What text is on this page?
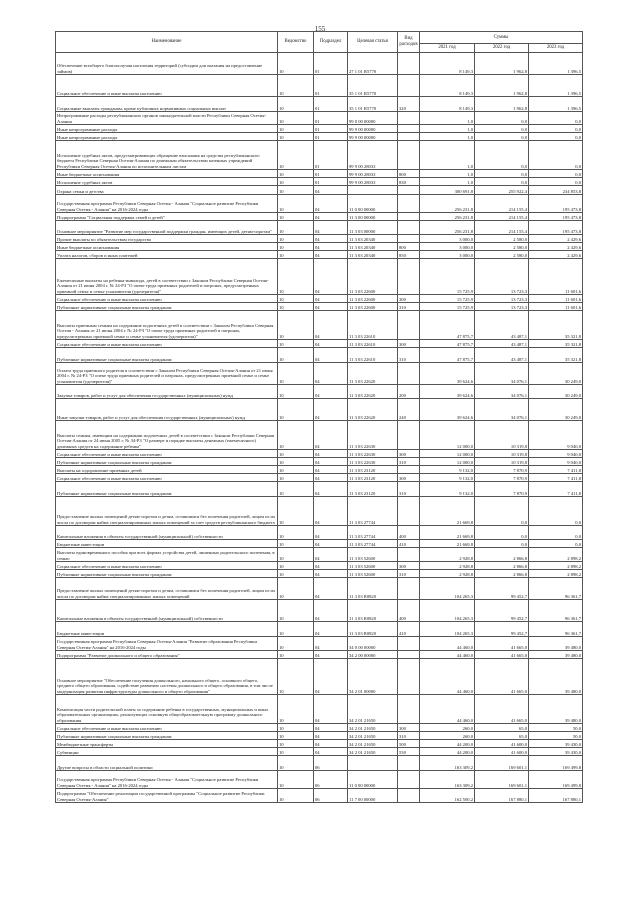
155
Наименование	Ведомство	Подраздел	Целевая статья	Вид расходов	Суммы		
					2021 год	2022 год	2023 год
Обеспечение всеобщего благополучия населения территорий (субсидии для оказания на предоставление займов)	10	01	27 1 01 R5770		8 149,3	1 962,8	1 396,5
Социальное обеспечение и иные выплаты населению	10	01	35 1 01 R5770		8 149,3	1 962,8	1 396,5
Социальные выплаты гражданам, кроме публичных нормативных социальных выплат	10	01	35 1 01 R5770	320	8 149,3	1 962,8	1 396,5
Непрограммные расходы республиканских органов законодательной власти Республики Северная Осетия-Алания	10	01	99 0 00 00000		1,0	0,0	0,0
Иные непрограммные расходы	10	01	99 9 00 00000		1,0	0,0	0,0
Иные непрограммные расходы	10	01	99 9 00 00000		1,0	0,0	0,0
Исполнение судебных актов, предусматривающих обращение взыскания на средства республиканского бюджета Республики Северная Осетия-Алания по денежным обязательствам казенных учреждений Республики Северная Осетия-Алания по исполнительным листам	10	01	99 9 00 28033		1,0	0,0	0,0
Иные бюджетные ассигнования	10	01	99 9 00 28033	800	1,0	0,0	0,0
Исполнение судебных актов	10	01	99 9 00 28033	830	1,0	0,0	0,0
Охрана семьи и детства	10	04			300 691,8	255 922,4	234 853,8
Государственная программа Республики Северная Осетия - Алания "Социальное развитие Республики Северная Осетия - Алания" на 2016-2024 годы	10	04	11 0 00 00000		256 231,8	214 155,4	195 473,8
Подпрограмма "Социальная поддержка семей и детей"	10	04	11 3 00 00000		256 231,8	214 155,4	195 473,8
Основное мероприятие "Развитие мер государственной поддержки граждан, имеющих детей, детям-сиротам"	10	04	11 3 03 00000		256 231,8	214 155,4	195 473,8
Прочие выплаты по обязательствам государства	10	04	11 3 03 20340		3 000,0	2 580,0	2 429,6
Иные бюджетные ассигнования	10	04	11 3 03 20340	800	3 000,0	2 580,0	2 429,6
Уплата налогов, сборов и иных платежей	10	04	11 3 03 20340	850	3 000,0	2 580,0	2 429,6
Ежемесячные выплаты на ребенка-инвалида, детей в соответствии с Законом Республики Северная Осетия-Алания от 21 июня 2004 г. № 24-РЗ "О опеке труда приемных родителей и патронах, предусмотренных приемной семье и семье усыновителя (удочерителя)"	10	04	11 3 03 22600		15 725,9	13 723,3	11 601,6
Социальное обеспечение и иные выплаты населению	10	04	11 3 03 22600	300	15 725,9	13 723,3	11 601,6
Публичные нормативные социальные выплаты гражданам	10	04	11 3 03 22600	310	15 725,9	13 723,3	11 601,6
Выплаты приемным семьям на содержание подопечных детей в соответствии с Законом Республики Северная Осетия - Алания от 21 июня 2004 г. № 24-РЗ "О опеке труда приемных родителей и патронах, предусмотренных приемной семье и семье усыновителя (удочерителя)"	10	04	11 3 03 22610		47 875,7	43 487,1	35 321,8
Социальное обеспечение и иные выплаты населению	10	04	11 3 03 22610	300	47 875,7	43 487,1	35 321,8
Публичные нормативные социальные выплаты гражданам	10	04	11 3 03 22610	310	47 875,7	43 487,1	35 321,8
Оплата труда приемного родителя в соответствии с Законом Республики Северная Осетия-Алания от 21 июня 2004 г. № 24-РЗ "О опеке труда приемных родителей и патронах, предусмотренных приемной семье и семье усыновителя (удочерителя)"	10	04	11 3 03 22620		39 624,6	34 076,1	30 249,0
Закупка товаров, работ и услуг для обеспечения государственных (муниципальных) нужд	10	04	11 3 03 22620	200	39 624,6	34 076,1	30 249,0
Иные закупки товаров, работ и услуг для обеспечения государственных (муниципальных) нужд	10	04	11 3 03 22620	240	39 624,6	34 076,1	30 249,0
Выплаты семьям, имеющим на содержании подопечных детей в соответствии с Законом Республики Северная Осетия-Алания от 24 июня 2005 г. № 34-РЗ "О размере и порядке выплаты денежных (ежемесячного) денежных средств на содержание ребенка"	10	04	11 3 03 22630		12 000,0	10 319,8	9 040,0
Социальное обеспечение и иные выплаты населению	10	04	11 3 03 22630	300	12 000,0	10 319,8	9 040,0
Публичные нормативные социальные выплаты гражданам	10	04	11 3 03 22630	310	12 000,0	10 319,8	9 040,0
Выплаты на оздоровление приемных детей	10	04	11 3 03 23120		9 132,0	7 870,9	7 411,8
Социальное обеспечение и иные выплаты населению	10	04	11 3 03 23120	300	9 132,0	7 870,9	7 411,8
Публичные нормативные социальные выплаты гражданам	10	04	11 3 03 23120	310	9 132,0	7 870,9	7 411,8
Предоставление жилых помещений детям-сиротам и детям, оставшимся без попечения родителей, лицам из их числа по договорам найма специализированных жилых помещений за счет средств республиканского бюджета	10	04	11 3 03 27744		21 669,8	0,0	0,0
Капитальные вложения в объекты государственной (муниципальной) собственности	10	04	11 3 03 27744	400	21 669,8	0,0	0,0
Бюджетные инвестиции	10	04	11 3 03 27744	410	21 669,8	0,0	0,0
Выплаты единовременного пособия при всех формах устройства детей, лишенных родительского попечения, в семью	10	04	11 3 03 52600		2 928,8	2 866,8	2 898,2
Социальное обеспечение и иные выплаты населению	10	04	11 3 03 52600	300	2 928,8	2 866,8	2 898,2
Публичные нормативные социальные выплаты гражданам	10	04	11 3 03 52600	310	2 928,8	2 866,8	2 898,2
Предоставление жилых помещений детям-сиротам и детям, оставшимся без попечения родителей, лицам из их числа по договорам найма специализированных жилых помещений	10	04	11 3 03 R0820		104 265,3	99 452,7	96 361,7
Капитальные вложения в объекты государственной (муниципальной) собственности	10	04	11 3 03 R0820	400	104 265,3	99 452,7	96 361,7
Бюджетные инвестиции	10	04	11 3 03 R0820	410	104 265,3	99 452,7	96 361,7
Государственная программа Республики Северная Осетия-Алания "Развитие образования Республики Северная Осетия-Алания" на 2016-2024 годы	10	04	34 0 00 00000		44 460,0	41 665,0	39 480,0
Подпрограмма "Развитие дошкольного и общего образования"	10	04	34 2 00 00000		44 460,0	41 665,0	39 480,0
Основное мероприятие "Обеспечение получения дошкольного, начального общего, основного общего, среднего общего образования, содействие развитию системы дошкольного и общего образования, в том числе модернизация развития инфраструктуры дошкольного и общего образования"	10	04	34 2 01 00000		44 460,0	41 665,0	39 480,0
Компенсация части родительской платы за содержание ребенка в государственных, муниципальных и иных образовательных организациях, реализующих основную общеобразовательную программу дошкольного образования	10	04	34 2 01 21650		44 460,0	41 665,0	39 480,0
Социальное обеспечение и иные выплаты населению	10	04	34 2 01 21650	300	260,0	65,0	50,0
Публичные нормативные социальные выплаты гражданам	10	04	34 2 01 21650	310	260,0	65,0	50,0
Межбюджетные трансферты	10	04	34 2 01 21650	500	44 200,0	41 600,0	39 430,0
Субвенции	10	04	34 2 01 21650	530	44 200,0	41 600,0	39 430,0
Другие вопросы в области социальной политики	10	06			163 309,2	169 601,1	169 499,8
Государственная программа Республики Северная Осетия - Алания "Социальное развитие Республики Северная Осетия - Алания" на 2016-2024 годы	10	06	11 0 00 00000		163 309,2	169 601,1	169 499,8
Подпрограмма "Обеспечение реализации государственной программы "Социальное развитие Республики Северная Осетия-Алания"	10	06	11 7 00 00000		162 500,2	167 880,1	167 880,1
